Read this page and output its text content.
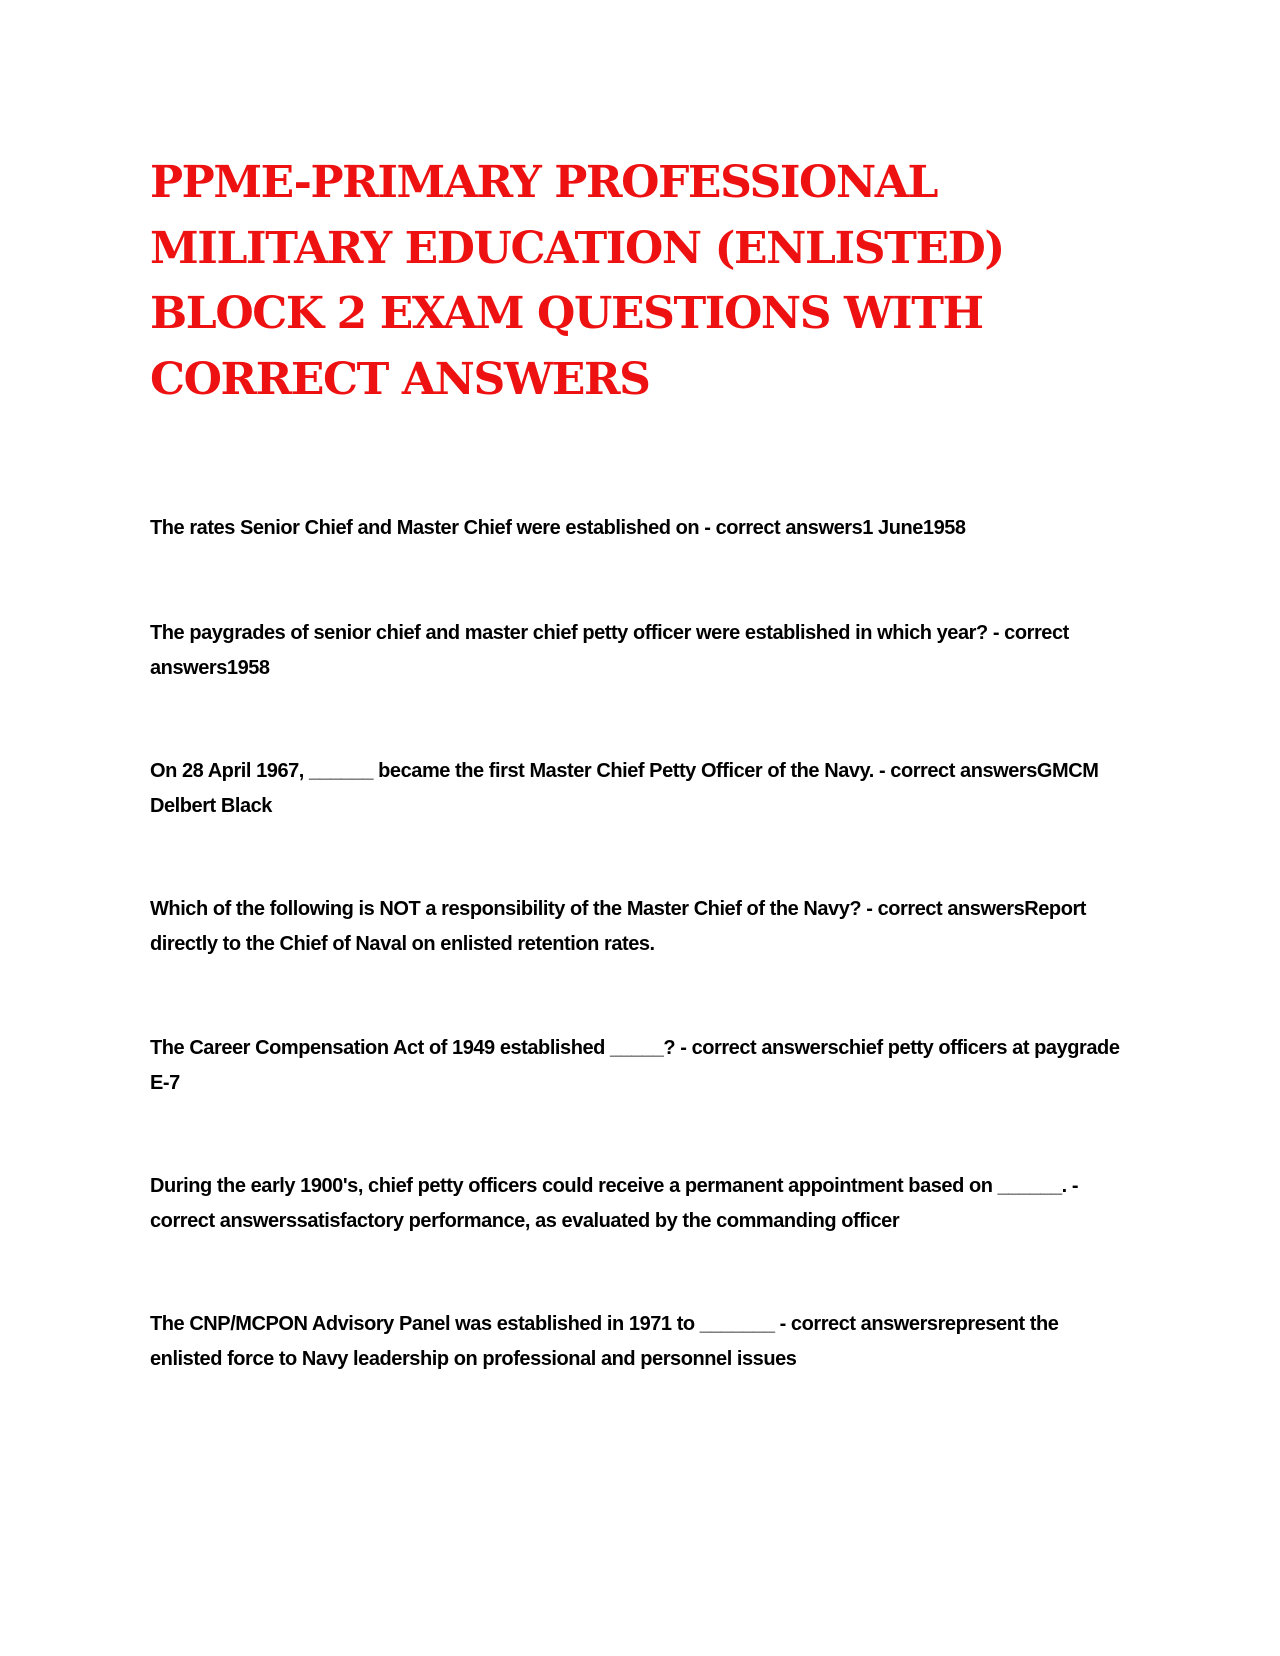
PPME-PRIMARY PROFESSIONAL MILITARY EDUCATION (ENLISTED) BLOCK 2 EXAM QUESTIONS WITH CORRECT ANSWERS

The rates Senior Chief and Master Chief were established on - correct answers1 June1958

The paygrades of senior chief and master chief petty officer were established in which year? - correct answers1958

On 28 April 1967, ______ became the first Master Chief Petty Officer of the Navy. - correct answersGMCM Delbert Black

Which of the following is NOT a responsibility of the Master Chief of the Navy? - correct answersReport directly to the Chief of Naval on enlisted retention rates.

The Career Compensation Act of 1949 established _____? - correct answerschief petty officers at paygrade E-7

During the early 1900's, chief petty officers could receive a permanent appointment based on ______. - correct answerssatisfactory performance, as evaluated by the commanding officer

The CNP/MCPON Advisory Panel was established in 1971 to _______ - correct answersrepresent the enlisted force to Navy leadership on professional and personnel issues
